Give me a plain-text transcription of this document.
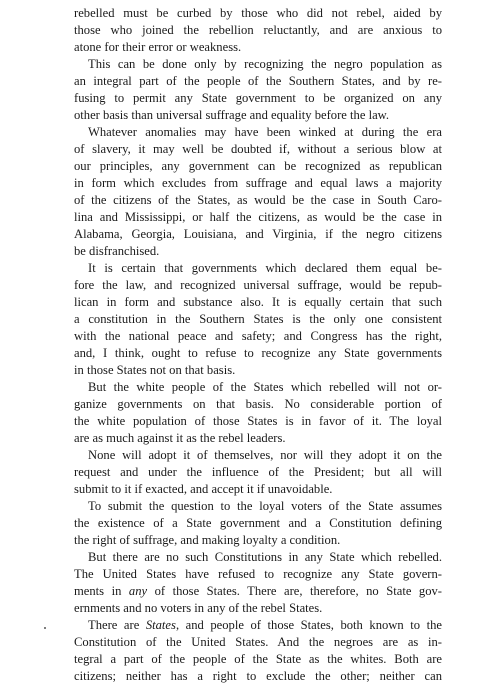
rebelled must be curbed by those who did not rebel, aided by
those who joined the rebellion reluctantly, and are anxious to
atone for their error or weakness.
This can be done only by recognizing the negro population as
an integral part of the people of the Southern States, and by re-
fusing to permit any State government to be organized on any
other basis than universal suffrage and equality before the law.
Whatever anomalies may have been winked at during the era
of slavery, it may well be doubted if, without a serious blow at
our principles, any government can be recognized as republican
in form which excludes from suffrage and equal laws a majority
of the citizens of the States, as would be the case in South Caro-
lina and Mississippi, or half the citizens, as would be the case in
Alabama, Georgia, Louisiana, and Virginia, if the negro citizens
be disfranchised.
It is certain that governments which declared them equal be-
fore the law, and recognized universal suffrage, would be repub-
lican in form and substance also. It is equally certain that such
a constitution in the Southern States is the only one consistent
with the national peace and safety; and Congress has the right,
and, I think, ought to refuse to recognize any State governments
in those States not on that basis.
But the white people of the States which rebelled will not or-
ganize governments on that basis. No considerable portion of
the white population of those States is in favor of it. The loyal
are as much against it as the rebel leaders.
None will adopt it of themselves, nor will they adopt it on the
request and under the influence of the President; but all will
submit to it if exacted, and accept it if unavoidable.
To submit the question to the loyal voters of the State assumes
the existence of a State government and a Constitution defining
the right of suffrage, and making loyalty a condition.
But there are no such Constitutions in any State which rebelled.
The United States have refused to recognize any State govern-
ments in any of those States. There are, therefore, no State gov-
ernments and no voters in any of the rebel States.
There are States, and people of those States, both known to the
Constitution of the United States. And the negroes are as in-
tegral a part of the people of the State as the whites. Both are
citizens; neither has a right to exclude the other; neither can
